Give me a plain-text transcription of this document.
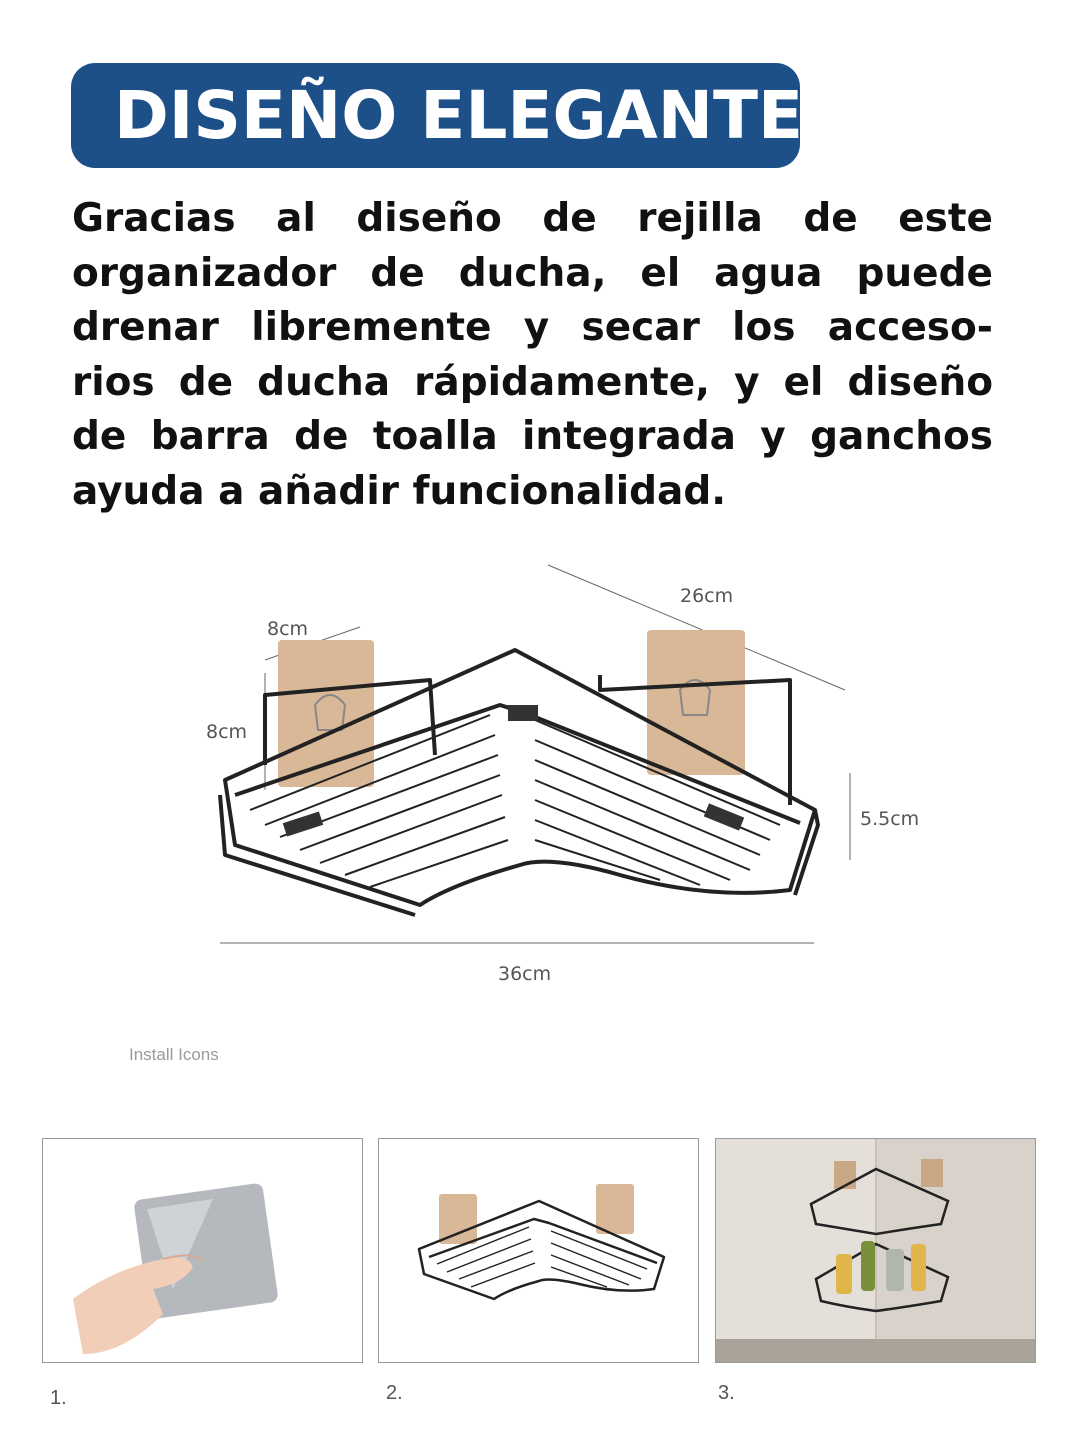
DISEÑO ELEGANTE
Gracias al diseño de rejilla de este
organizador de ducha, el agua puede
drenar libremente y secar los acceso-
rios de ducha rápidamente, y el diseño
de barra de toalla integrada y ganchos
ayuda a añadir funcionalidad.
8cm
8cm
26cm
5.5cm
36cm
Install Icons
1.	2.	3.
